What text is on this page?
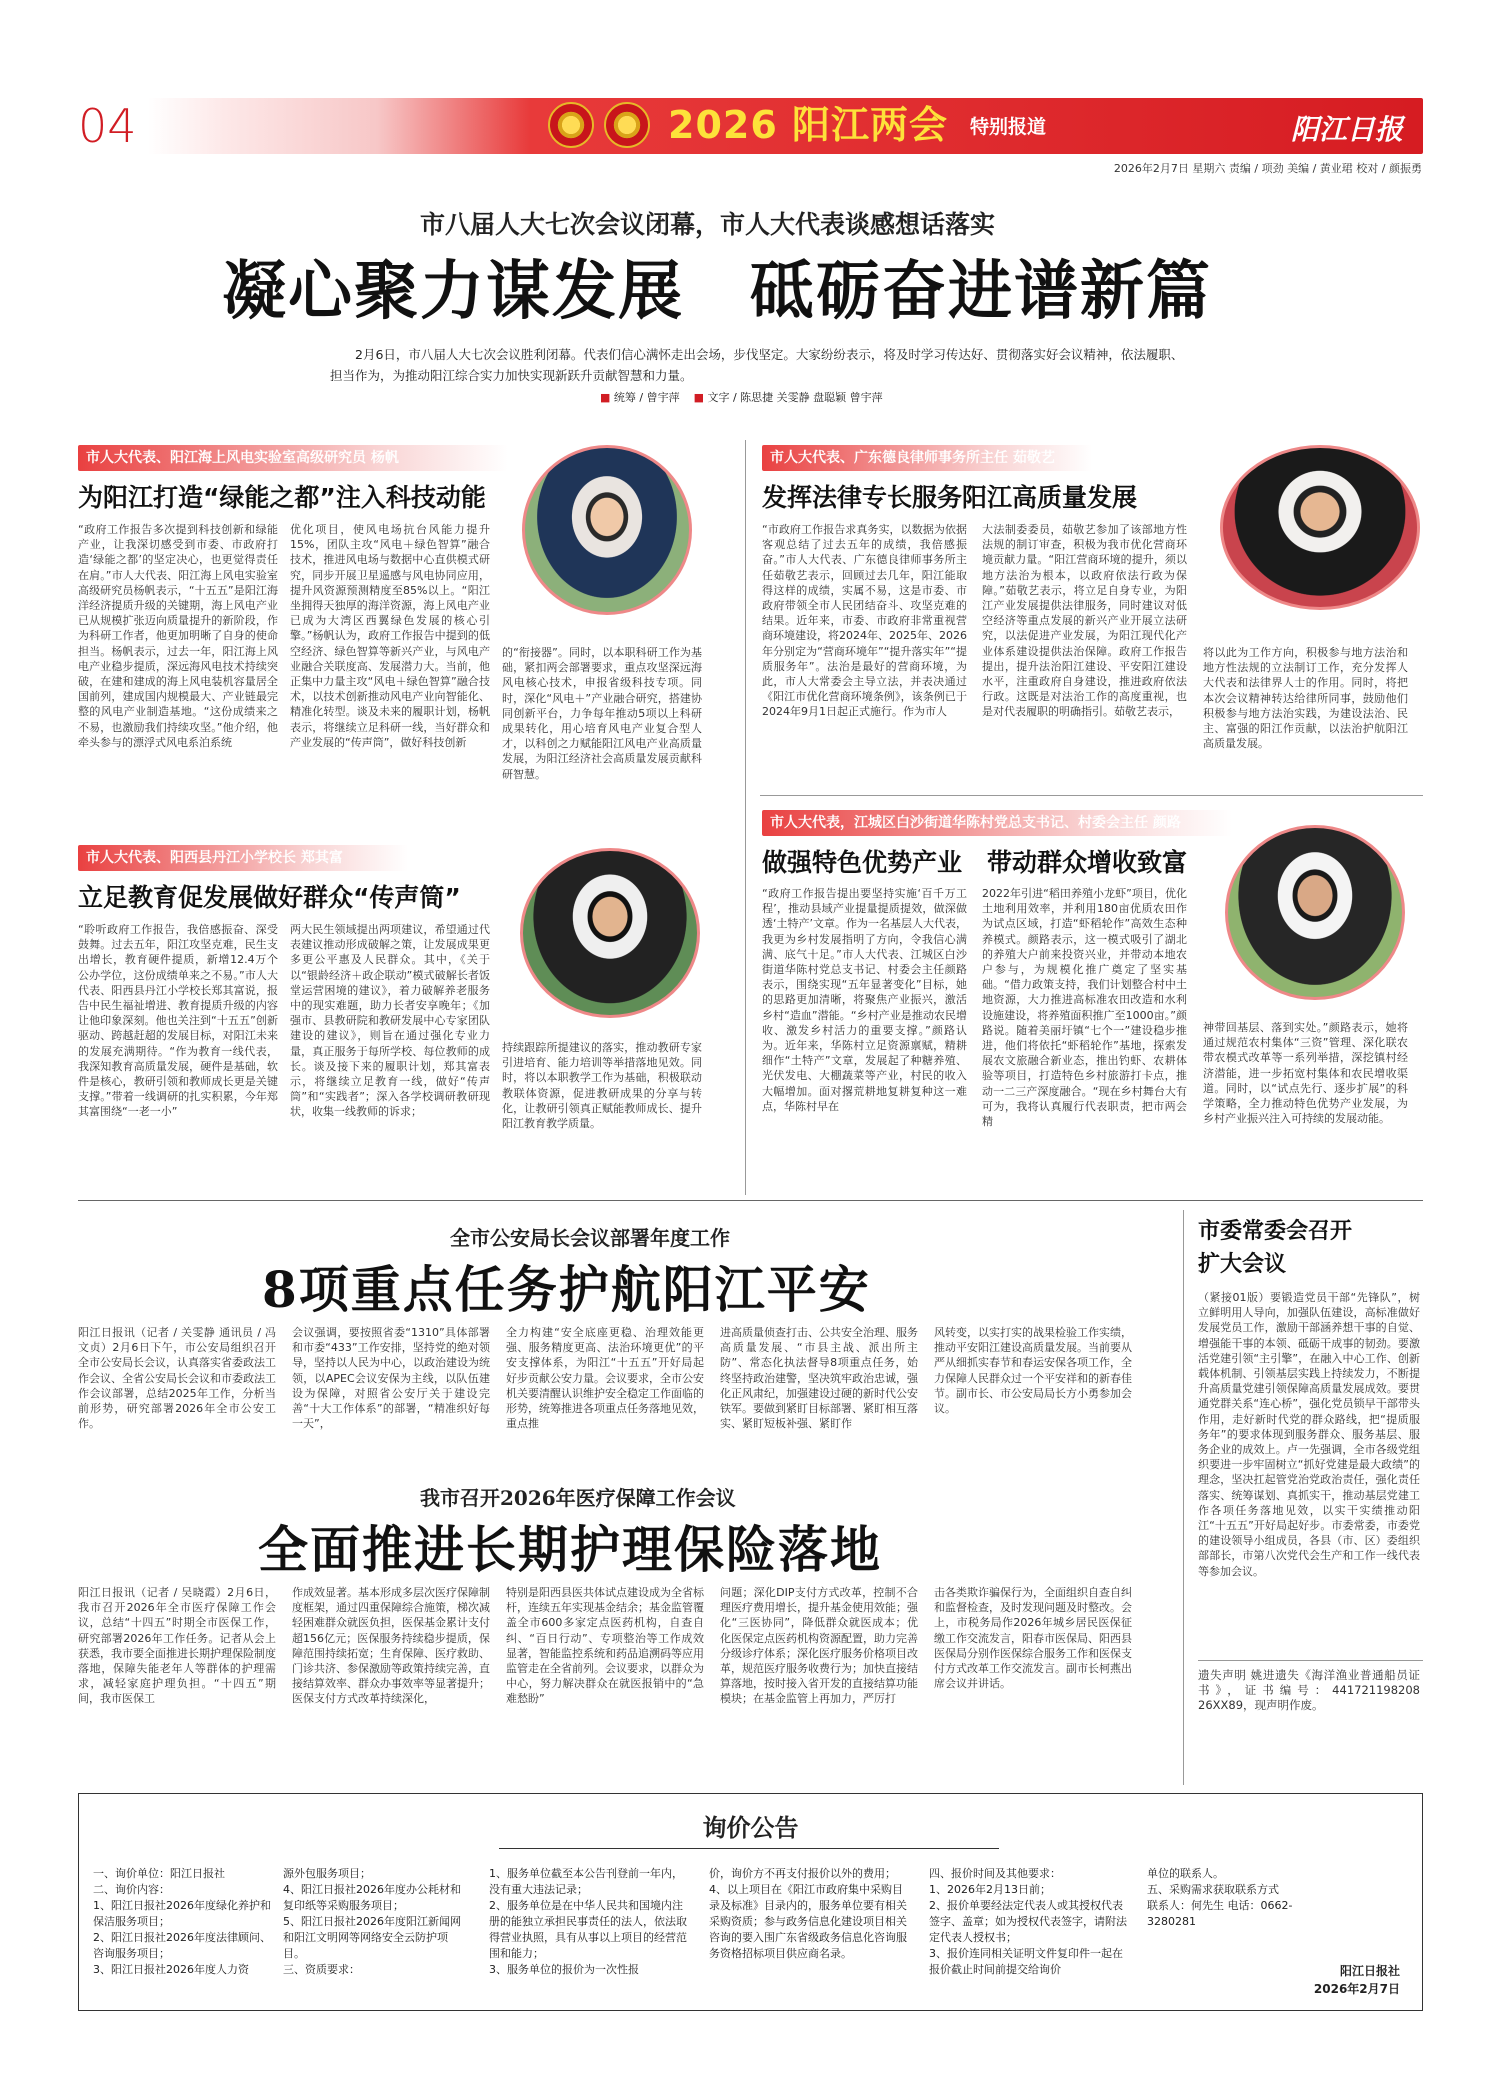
04	2026 阳江两会 特别报道	阳江日报
2026年2月7日 星期六 责编 / 项劲 美编 / 黄业珺 校对 / 颜振勇
市八届人大七次会议闭幕，市人大代表谈感想话落实
凝心聚力谋发展　砥砺奋进谱新篇
2月6日，市八届人大七次会议胜利闭幕。代表们信心满怀走出会场，步伐坚定。大家纷纷表示，将及时学习传达好、贯彻落实好会议精神，依法履职、担当作为，为推动阳江综合实力加快实现新跃升贡献智慧和力量。
■ 统筹 / 曾宇萍	■ 文字 / 陈思捷 关雯静 盘聪颖 曾宇萍
市人大代表、阳江海上风电实验室高级研究员 杨帆
为阳江打造“绿能之都”注入科技动能
“政府工作报告多次提到科技创新和绿能产业，让我深切感受到市委、市政府打造‘绿能之都’的坚定决心，也更觉得责任在肩。”市人大代表、阳江海上风电实验室高级研究员杨帆表示，“十五五”是阳江海洋经济提质升级的关键期，海上风电产业已从规模扩张迈向质量提升的新阶段，作为科研工作者，他更加明晰了自身的使命担当。杨帆表示，过去一年，阳江海上风电产业稳步提质，深远海风电技术持续突破，在建和建成的海上风电装机容量居全国前列，建成国内规模最大、产业链最完整的风电产业制造基地。“这份成绩来之不易，也激励我们持续攻坚。”他介绍，他牵头参与的漂浮式风电系泊系统
优化项目，使风电场抗台风能力提升15%，团队主攻“风电＋绿色智算”融合技术，推进风电场与数据中心直供模式研究，同步开展卫星遥感与风电协同应用，提升风资源预测精度至85%以上。“阳江坐拥得天独厚的海洋资源，海上风电产业已成为大湾区西翼绿色发展的核心引擎。”杨帆认为，政府工作报告中提到的低空经济、绿色智算等新兴产业，与风电产业融合关联度高、发展潜力大。当前，他正集中力量主攻“风电＋绿色智算”融合技术，以技术创新推动风电产业向智能化、精准化转型。谈及未来的履职计划，杨帆表示，将继续立足科研一线，当好群众和产业发展的“传声筒”，做好科技创新
的“衔接器”。同时，以本职科研工作为基础，紧扣两会部署要求，重点攻坚深远海风电核心技术，申报省级科技专项。同时，深化“风电＋”产业融合研究，搭建协同创新平台，力争每年推动5项以上科研成果转化，用心培育风电产业复合型人才，以科创之力赋能阳江风电产业高质量发展，为阳江经济社会高质量发展贡献科研智慧。
市人大代表、广东德良律师事务所主任 茹敬艺
发挥法律专长服务阳江高质量发展
“市政府工作报告求真务实，以数据为依据客观总结了过去五年的成绩，我倍感振奋。”市人大代表、广东德良律师事务所主任茹敬艺表示，回顾过去几年，阳江能取得这样的成绩，实属不易，这是市委、市政府带领全市人民团结奋斗、攻坚克难的结果。近年来，市委、市政府非常重视营商环境建设，将2024年、2025年、2026年分别定为“营商环境年”“提升落实年”“提质服务年”。法治是最好的营商环境，为此，市人大常委会主导立法，并表决通过《阳江市优化营商环境条例》，该条例已于2024年9月1日起正式施行。作为市人
大法制委委员，茹敬艺参加了该部地方性法规的制订审查，积极为我市优化营商环境贡献力量。“阳江营商环境的提升，须以地方法治为根本，以政府依法行政为保障。”茹敬艺表示，将立足自身专业，为阳江产业发展提供法律服务，同时建议对低空经济等重点发展的新兴产业开展立法研究，以法促进产业发展，为阳江现代化产业体系建设提供法治保障。政府工作报告提出，提升法治阳江建设、平安阳江建设水平，注重政府自身建设，推进政府依法行政。这既是对法治工作的高度重视，也是对代表履职的明确指引。茹敬艺表示，
将以此为工作方向，积极参与地方法治和地方性法规的立法制订工作，充分发挥人大代表和法律界人士的作用。同时，将把本次会议精神转达给律所同事，鼓励他们积极参与地方法治实践，为建设法治、民主、富强的阳江作贡献，以法治护航阳江高质量发展。
市人大代表、阳西县丹江小学校长 郑其富
立足教育促发展做好群众“传声筒”
“聆听政府工作报告，我倍感振奋、深受鼓舞。过去五年，阳江攻坚克难，民生支出增长，教育硬件提质，新增12.4万个公办学位，这份成绩单来之不易。”市人大代表、阳西县丹江小学校长郑其富说，报告中民生福祉增进、教育提质升级的内容让他印象深刻。他也关注到“十五五”创新驱动、跨越赶超的发展目标，对阳江未来的发展充满期待。“作为教育一线代表，我深知教育高质量发展，硬件是基础，软件是核心，教研引领和教师成长更是关键支撑。”带着一线调研的扎实积累，今年郑其富围绕“一老一小”
两大民生领域提出两项建议，希望通过代表建议推动形成破解之策，让发展成果更多更公平惠及人民群众。其中，《关于以“银龄经济＋政企联动”模式破解长者饭堂运营困境的建议》，着力破解养老服务中的现实难题，助力长者安享晚年；《加强市、县教研院和教研发展中心专家团队建设的建议》，则旨在通过强化专业力量，真正服务于每所学校、每位教师的成长。谈及接下来的履职计划，郑其富表示，将继续立足教育一线，做好“传声筒”和“实践者”；深入各学校调研教研现状，收集一线教师的诉求；
持续跟踪所提建议的落实，推动教研专家引进培育、能力培训等举措落地见效。同时，将以本职教学工作为基础，积极联动教联体资源，促进教研成果的分享与转化，让教研引领真正赋能教师成长、提升阳江教育教学质量。
市人大代表，江城区白沙街道华陈村党总支书记、村委会主任 颜路
做强特色优势产业　带动群众增收致富
“政府工作报告提出要坚持实施‘百千万工程’，推动县域产业提量提质提效，做深做透‘土特产’文章。作为一名基层人大代表，我更为乡村发展指明了方向，令我信心满满、底气十足。”市人大代表、江城区白沙街道华陈村党总支书记、村委会主任颜路表示，围绕实现“五年显著变化”目标，她的思路更加清晰，将聚焦产业振兴，激活乡村“造血”潜能。“乡村产业是推动农民增收、激发乡村活力的重要支撑。”颜路认为。近年来，华陈村立足资源禀赋，精耕细作“土特产”文章，发展起了种糖养殖、光伏发电、大棚蔬菜等产业，村民的收入大幅增加。面对撂荒耕地复耕复种这一难点，华陈村早在
2022年引进“稻田养殖小龙虾”项目，优化土地利用效率，并利用180亩优质农田作为试点区域，打造“虾稻轮作”高效生态种养模式。颜路表示，这一模式吸引了湖北的养殖大户前来投资兴业，并带动本地农户参与，为规模化推广奠定了坚实基础。“借力政策支持，我们计划整合村中土地资源，大力推进高标准农田改造和水利设施建设，将养殖面积推广至1000亩。”颜路说。随着美丽圩镇“七个一”建设稳步推进，他们将依托“虾稻轮作”基地，探索发展农文旅融合新业态，推出钓虾、农耕体验等项目，打造特色乡村旅游打卡点，推动一二三产深度融合。“现在乡村舞台大有可为，我将认真履行代表职责，把市两会精
神带回基层、落到实处。”颜路表示，她将通过规范农村集体“三资”管理、深化联农带农模式改革等一系列举措，深挖镇村经济潜能，进一步拓宽村集体和农民增收渠道。同时，以“试点先行、逐步扩展”的科学策略，全力推动特色优势产业发展，为乡村产业振兴注入可持续的发展动能。
全市公安局长会议部署年度工作
8项重点任务护航阳江平安
阳江日报讯（记者 / 关雯静 通讯员 / 冯文贞）2月6日下午，市公安局组织召开全市公安局长会议，认真落实省委政法工作会议、全省公安局长会议和市委政法工作会议部署，总结2025年工作，分析当前形势，研究部署2026年全市公安工作。
会议强调，要按照省委“1310”具体部署和市委“433”工作安排，坚持党的绝对领导，坚持以人民为中心，以政治建设为统领，以APEC会议安保为主线，以队伍建设为保障，对照省公安厅关于建设完善“十大工作体系”的部署，“精准织好每一天”，
全力构建“安全底座更稳、治理效能更强、服务精度更高、法治环境更优”的平安支撑体系，为阳江“十五五”开好局起好步贡献公安力量。会议要求，全市公安机关要清醒认识维护安全稳定工作面临的形势，统筹推进各项重点任务落地见效，重点推
进高质量侦查打击、公共安全治理、服务高质量发展、“市县主战、派出所主防”、常态化执法督导8项重点任务，始终坚持政治建警，坚决筑牢政治忠诚，强化正风肃纪，加强建设过硬的新时代公安铁军。要做到紧盯目标部署、紧盯相互落实、紧盯短板补强、紧盯作
风转变，以实打实的战果检验工作实绩，推动平安阳江建设高质量发展。当前要从严从细抓实春节和春运安保各项工作，全力保障人民群众过一个平安祥和的新春佳节。副市长、市公安局局长方小勇参加会议。
我市召开2026年医疗保障工作会议
全面推进长期护理保险落地
阳江日报讯（记者 / 吴晓霞）2月6日，我市召开2026年全市医疗保障工作会议，总结“十四五”时期全市医保工作，研究部署2026年工作任务。记者从会上获悉，我市要全面推进长期护理保险制度落地，保障失能老年人等群体的护理需求，减轻家庭护理负担。“十四五”期间，我市医保工
作成效显著。基本形成多层次医疗保障制度框架，通过四重保障综合施策，梯次减轻困难群众就医负担，医保基金累计支付超156亿元；医保服务持续稳步提质，保障范围持续拓宽；生育保障、医疗救助、门诊共济、参保激励等政策持续完善，直接结算效率、群众办事效率等显著提升；医保支付方式改革持续深化，
特别是阳西县医共体试点建设成为全省标杆，连续五年实现基金结余；基金监管覆盖全市600多家定点医药机构，自查自纠、“百日行动”、专项整治等工作成效显著，智能监控系统和药品追溯码等应用监管走在全省前列。会议要求，以群众为中心，努力解决群众在就医报销中的“急难愁盼”
问题；深化DIP支付方式改革，控制不合理医疗费用增长，提升基金使用效能；强化“三医协同”，降低群众就医成本；优化医保定点医药机构资源配置，助力完善分级诊疗体系；深化医疗服务价格项目改革，规范医疗服务收费行为；加快直接结算落地，按时接入省开发的直接结算功能模块；在基金监管上再加力，严厉打
击各类欺诈骗保行为，全面组织自查自纠和监督检查，及时发现问题及时整改。会上，市税务局作2026年城乡居民医保征缴工作交流发言，阳春市医保局、阳西县医保局分别作医保综合服务工作和医保支付方式改革工作交流发言。副市长柯燕出席会议并讲话。
市委常委会召开扩大会议
（紧接01版）要锻造党员干部“先锋队”，树立鲜明用人导向，加强队伍建设，高标准做好发展党员工作，激励干部涵养想干事的自觉、增强能干事的本领、砥砺干成事的韧劲。要激活党建引领“主引擎”，在融入中心工作、创新载体机制、引领基层实践上持续发力，不断提升高质量党建引领保障高质量发展成效。要贯通党群关系“连心桥”，强化党员锁早干部带头作用，走好新时代党的群众路线，把“提质服务年”的要求体现到服务群众、服务基层、服务企业的成效上。卢一先强调，全市各级党组织要进一步牢固树立“抓好党建是最大政绩”的理念，坚决扛起管党治党政治责任，强化责任落实、统筹谋划、真抓实干，推动基层党建工作各项任务落地见效，以实干实绩推动阳江“十五五”开好局起好步。市委常委，市委党的建设领导小组成员，各县（市、区）委组织部部长，市第八次党代会生产和工作一线代表等参加会议。
遗失声明 姚进遗失《海洋渔业普通船员证书》，证书编号：441721198208 26XX89，现声明作废。
询价公告
一、询价单位：阳江日报社
二、询价内容：
1、阳江日报社2026年度绿化养护和保洁服务项目；
2、阳江日报社2026年度法律顾问、咨询服务项目；
3、阳江日报社2026年度人力资
源外包服务项目；
4、阳江日报社2026年度办公耗材和复印纸等采购服务项目；
5、阳江日报社2026年度阳江新闻网和阳江文明网等网络安全云防护项目。
三、资质要求：
1、服务单位截至本公告刊登前一年内，没有重大违法记录；
2、服务单位是在中华人民共和国境内注册的能独立承担民事责任的法人，依法取得营业执照，具有从事以上项目的经营范围和能力；
3、服务单位的报价为一次性报
价，询价方不再支付报价以外的费用；
4、以上项目在《阳江市政府集中采购目录及标准》目录内的，服务单位要有相关采购资质；参与政务信息化建设项目相关咨询的要入围广东省级政务信息化咨询服务资格招标项目供应商名录。
四、报价时间及其他要求：
1、2026年2月13日前；
2、报价单要经法定代表人或其授权代表签字、盖章；如为授权代表签字，请附法定代表人授权书；
3、报价连同相关证明文件复印件一起在报价截止时间前提交给询价
单位的联系人。
五、采购需求获取联系方式
联系人：何先生 电话：0662-3280281
阳江日报社
2026年2月7日
